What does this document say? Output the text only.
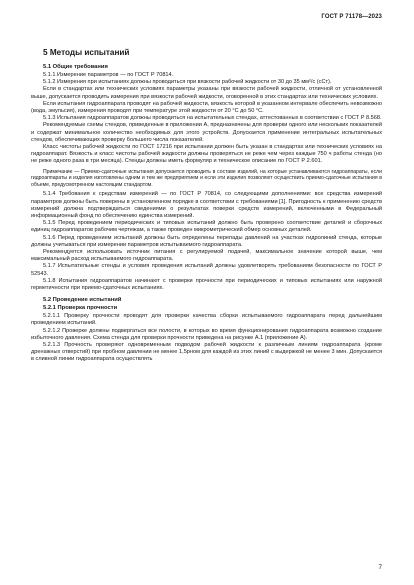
ГОСТ Р 71178—2023
5 Методы испытаний
5.1 Общие требования

5.1.1 Измерение параметров — по ГОСТ Р 70814.

5.1.2 Измерения при испытаниях должны проводиться при вязкости рабочей жидкости от 30 до 35 мм²/с (сСт).

Если в стандартах или технических условиях параметры указаны при вязкости рабочей жидкости, отличной от установленной выше, допускается проводить измерения при вязкости рабочей жидкости, оговоренной в этих стандартах или технических условиях.

Если испытания гидроаппарата проводят на рабочей жидкости, вязкость которой в указанном интервале обеспечить невозможно (вода, эмульсия), измерения проводят при температуре этой жидкости от 20 °С до 50 °С.

5.1.3 Испытания гидроаппаратов должны проводиться на испытательных стендах, аттестованных в соответствии с ГОСТ Р 8.568.

Рекомендуемые схемы стендов, приведенные в приложении А, предназначены для проверки одного или нескольких показателей и содержат минимальное количество необходимых для этого устройств. Допускается применение интегральных испытательных стендов, обеспечивающих проверку большего числа показателей.

Класс чистоты рабочей жидкости по ГОСТ 17216 при испытании должен быть указан в стандартах или технических условиях на гидроаппарат. Вязкость и класс чистоты рабочей жидкости должны проверяться не реже чем через каждые 750 ч работы стенда (но не реже одного раза в три месяца). Стенды должны иметь формуляр и техническое описание по ГОСТ Р 2.601.

Примечание — Приемо-сдаточные испытания допускается проводить в составе изделий, на которые устанавливаются гидроаппараты, если гидроаппараты и изделия изготовлены одним и тем же предприятием и если эти изделия позволяют осуществить приемо-сдаточные испытания в объеме, предусмотренном настоящим стандартом.

5.1.4 Требования к средствам измерений — по ГОСТ Р 70814, со следующими дополнениями: все средства измерений параметров должны быть поверены в установленном порядке в соответствии с требованиями [1]. Пригодность к применению средств измерений должна подтверждаться сведениями о результатах поверки средств измерений, включенными в Федеральный информационный фонд по обеспечению единства измерений.

5.1.5 Перед проведением периодических и типовых испытаний должно быть проверено соответствие деталей и сборочных единиц гидроаппаратов рабочим чертежам, а также проведен микрометрический обмер основных деталей.

5.1.6 Перед проведением испытаний должны быть определены перепады давлений на участках гидролиний стенда, которые должны учитываться при измерении параметров испытываемого гидроаппарата.

Рекомендуется использовать источник питания с регулируемой подачей, максимальное значение которой выше, чем максимальный расход испытываемого гидроаппарата.

5.1.7 Испытательные стенды и условия проведения испытаний должны удовлетворять требованиям безопасности по ГОСТ Р 52543.

5.1.8 Испытания гидроаппаратов начинают с проверки прочности при периодических и типовых испытаниях или наружной герметичности при приемо-сдаточных испытаниях.

5.2 Проведение испытаний
5.2.1 Проверка прочности

5.2.1.1 Проверку прочности проводят для проверки качества сборки испытываемого гидроаппарата перед дальнейшим проведением испытаний.

5.2.1.2 Проверке должны подвергаться все полости, в которых во время функционирования гидроаппарата возможно создание избыточного давления. Схема стенда для проверки прочности приведена на рисунке А.1 (приложение А).

5.2.1.3 Прочность проверяют одновременным подводом рабочей жидкости к различным линиям гидроаппарата (кроме дренажных отверстий) при пробном давлении не менее 1,5pном для каждой из этих линий с выдержкой не менее 3 мин. Допускается в сливной линии гидроаппарата осуществлять

7
